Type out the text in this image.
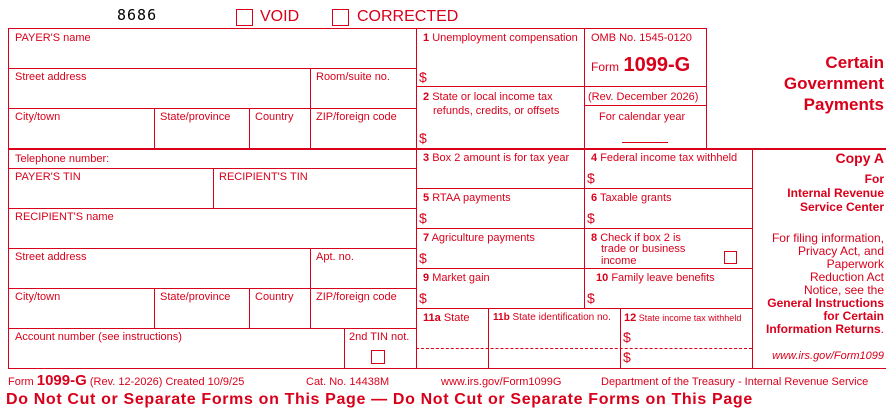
8686	VOID	CORRECTED
PAYER'S name
Street address	Room/suite no.
City/town	State/province Country ZIP/foreign code
Telephone number:
PAYER'S TIN	RECIPIENT'S TIN
RECIPIENT'S name
Street address	Apt. no.
City/town	State/province Country ZIP/foreign code
Account number (see instructions)	2nd TIN not.
1 Unemployment compensation
$
2 State or local income tax
refunds, credits, or offsets
$
OMB No. 1545-0120
Form 1099-G
(Rev. December 2026)
For calendar year
3 Box 2 amount is for tax year 4 Federal income tax withheld
$
5 RTAA payments
$
6 Taxable grants
$
7 Agriculture payments
$
8 Check if box 2 is
trade or business
income
9 Market gain
$
10 Family leave benefits
$
11a State 11b State identification no. 12 State income tax withheld
$
$
Certain
Government
Payments
Copy A
For
Internal Revenue
Service Center
For filing information,
Privacy Act, and
Paperwork
Reduction Act
Notice, see the
General Instructions
for Certain
Information Returns.
www.irs.gov/Form1099
Form 1099-G (Rev. 12-2026) Created 10/9/25	Cat. No. 14438M	www.irs.gov/Form1099G	Department of the Treasury - Internal Revenue Service
Do Not Cut or Separate Forms on This Page — Do Not Cut or Separate Forms on This Page
